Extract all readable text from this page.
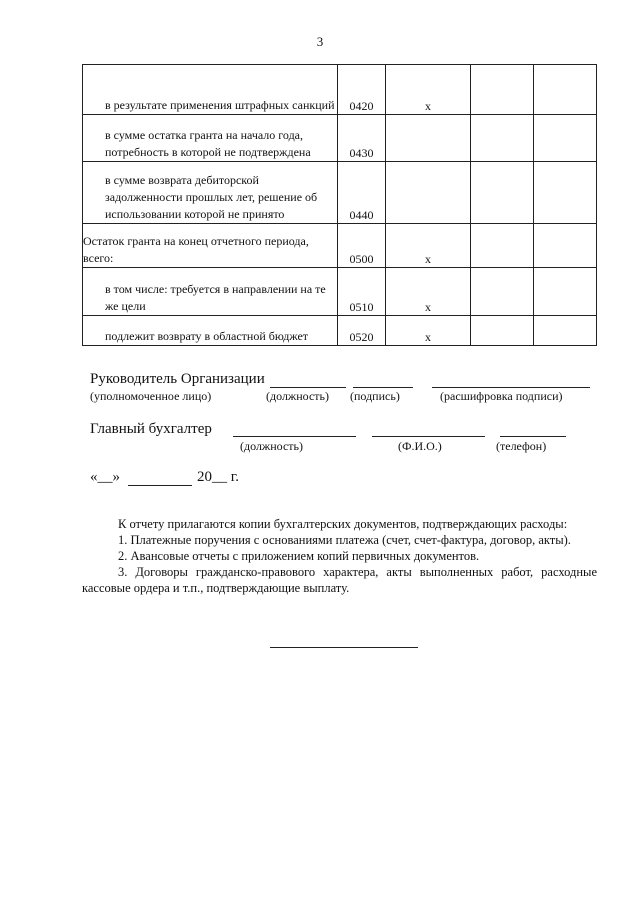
3
в результате применения штрафных санкций	0420	x		
в сумме остатка гранта на начало года, потребность в которой не подтверждена	0430			
в сумме возврата дебиторской задолженности прошлых лет, решение об использовании которой не принято	0440			
Остаток гранта на конец отчетного периода, всего:	0500	x		
в том числе: требуется в направлении на те же цели	0510	x		
подлежит возврату в областной бюджет	0520	x		
Руководитель Организации
(уполномоченное лицо)	(должность) (подпись)	(расшифровка подписи)
Главный бухгалтер
(должность)	(Ф.И.О.)	(телефон)
«__»	20__ г.

К отчету прилагаются копии бухгалтерских документов, подтверждающих расходы:

1. Платежные поручения с основаниями платежа (счет, счет-фактура, договор, акты).

2. Авансовые отчеты с приложением копий первичных документов.

3. Договоры гражданско-правового характера, акты выполненных работ, расходные кассовые ордера и т.п., подтверждающие выплату.
